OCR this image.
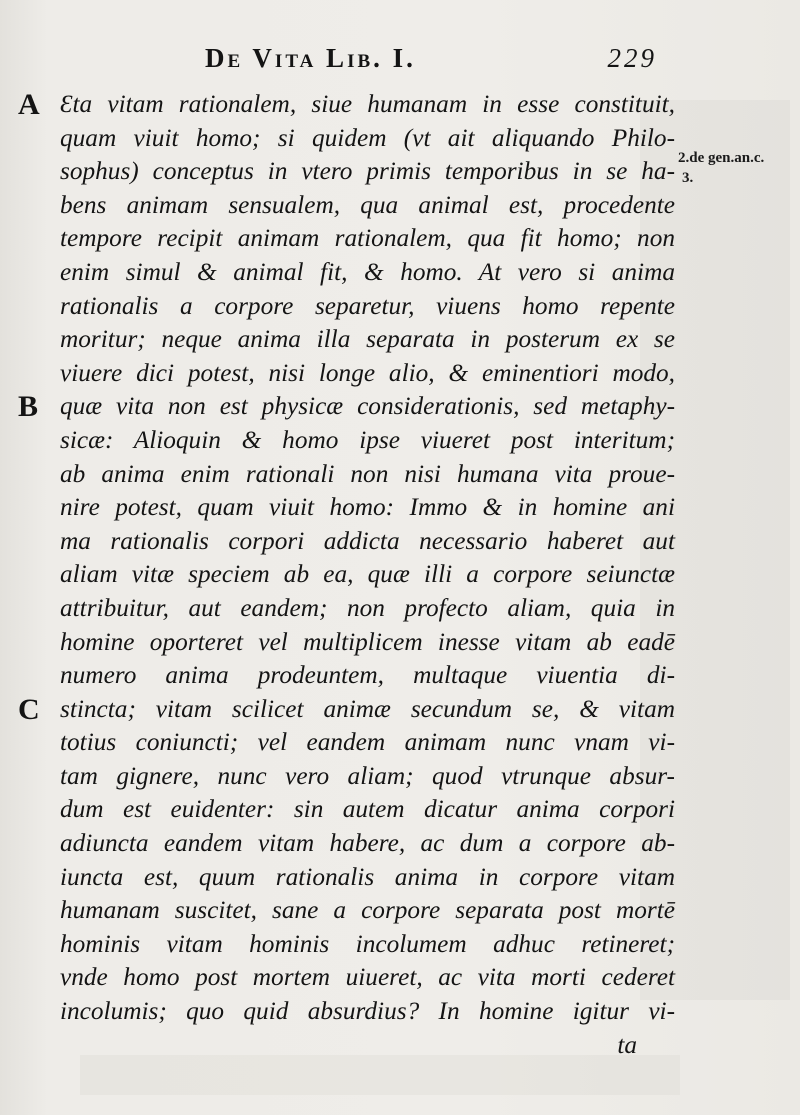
De Vita Lib. I.	229
A Ɛta vitam rationalem, siue humanam in esse constituit,
quam viuit homo; si quidem (vt ait aliquando Philo-
sophus) conceptus in vtero primis temporibus in se ha-
bens animam sensualem, qua animal est, procedente
tempore recipit animam rationalem, qua fit homo; non
enim simul & animal fit, & homo. At vero si anima
rationalis a corpore separetur, viuens homo repente
moritur; neque anima illa separata in posterum ex se
viuere dici potest, nisi longe alio, & eminentiori modo,
B quæ vita non est physicæ considerationis, sed metaphy-
sicæ: Alioquin & homo ipse viueret post interitum;
ab anima enim rationali non nisi humana vita proue-
nire potest, quam viuit homo: Immo & in homine ani
ma rationalis corpori addicta necessario haberet aut
aliam vitæ speciem ab ea, quæ illi a corpore seiunctæ
attribuitur, aut eandem; non profecto aliam, quia in
homine oporteret vel multiplicem inesse vitam ab eadē
numero anima prodeuntem, multaque viuentia di-
C stincta; vitam scilicet animæ secundum se, & vitam
totius coniuncti; vel eandem animam nunc vnam vi-
tam gignere, nunc vero aliam; quod vtrunque absur-
dum est euidenter: sin autem dicatur anima corpori
adiuncta eandem vitam habere, ac dum a corpore ab-
iuncta est, quum rationalis anima in corpore vitam
humanam suscitet, sane a corpore separata post mortē
hominis vitam hominis incolumem adhuc retineret;
vnde homo post mortem uiueret, ac vita morti cederet
incolumis; quo quid absurdius? In homine igitur vi-
ta
2.de gen.an.c.
3.
